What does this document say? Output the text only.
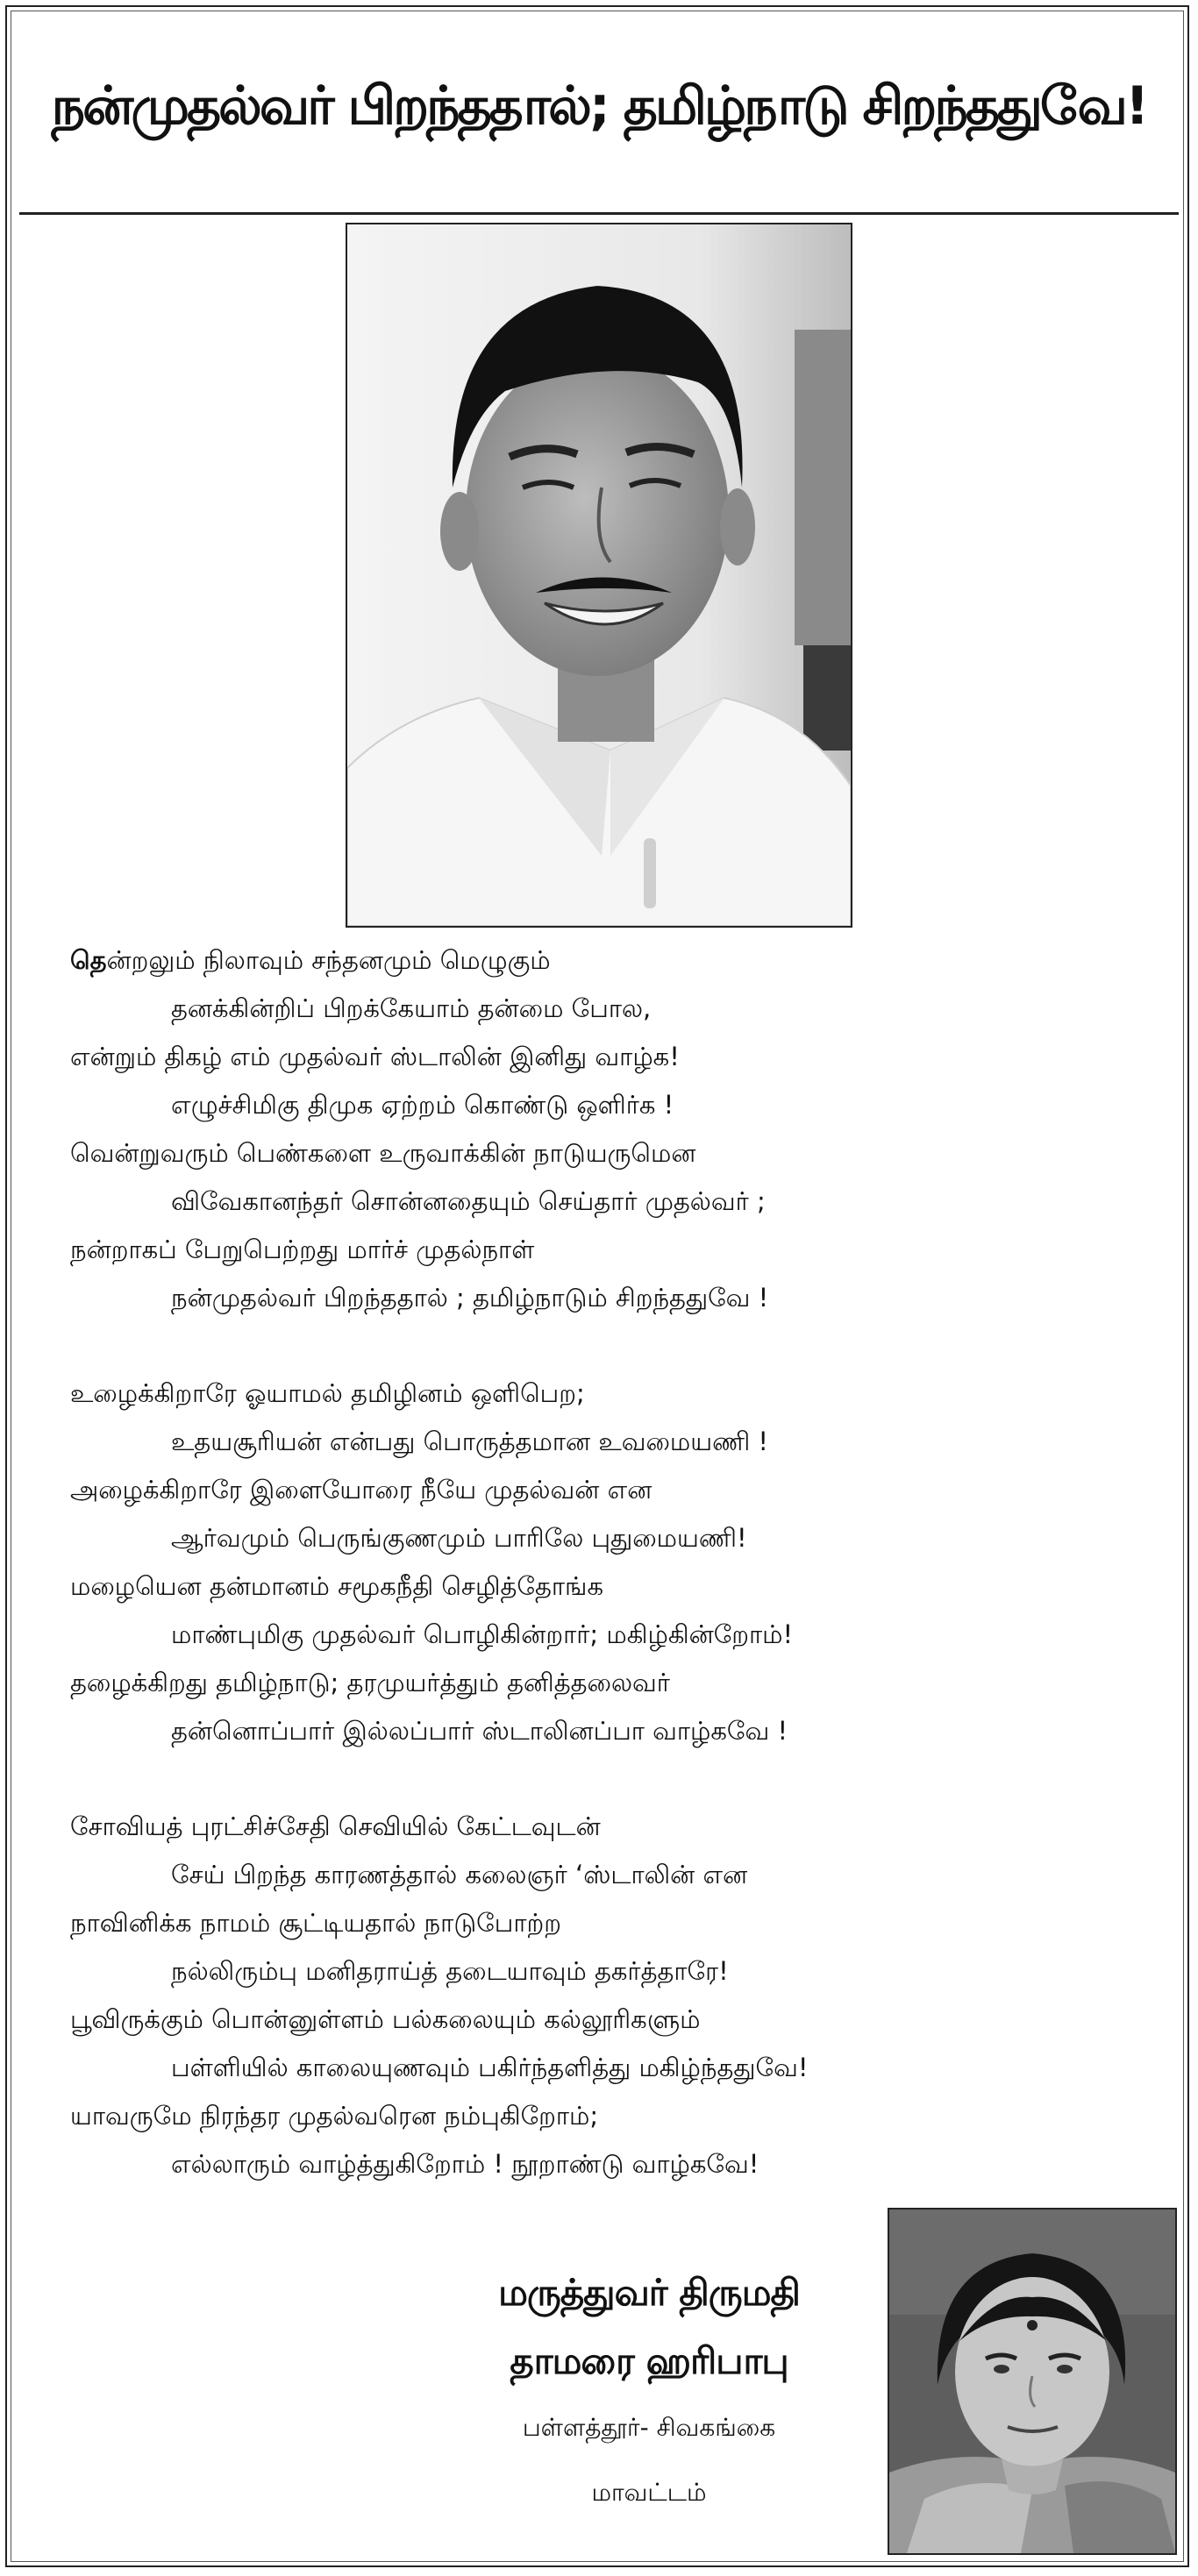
நன்முதல்வர் பிறந்ததால்; தமிழ்நாடு சிறந்ததுவே!
தென்றலும் நிலாவும் சந்தனமும் மெழுகும்
தனக்கின்றிப் பிறக்கேயாம் தன்மை போல,
என்றும் திகழ் எம் முதல்வர் ஸ்டாலின் இனிது வாழ்க!
எழுச்சிமிகு திமுக ஏற்றம் கொண்டு ஒளிர்க !
வென்றுவரும் பெண்களை உருவாக்கின் நாடுயருமென
விவேகானந்தர் சொன்னதையும் செய்தார் முதல்வர் ;
நன்றாகப் பேறுபெற்றது மார்ச் முதல்நாள்
நன்முதல்வர் பிறந்ததால் ; தமிழ்நாடும் சிறந்ததுவே !
உழைக்கிறாரே ஓயாமல் தமிழினம் ஒளிபெற;
உதயசூரியன் என்பது பொருத்தமான உவமையணி !
அழைக்கிறாரே இளையோரை நீயே முதல்வன் என
ஆர்வமும் பெருங்குணமும் பாரிலே புதுமையணி!
மழையென தன்மானம் சமூகநீதி செழித்தோங்க
மாண்புமிகு முதல்வர் பொழிகின்றார்; மகிழ்கின்றோம்!
தழைக்கிறது தமிழ்நாடு; தரமுயர்த்தும் தனித்தலைவர்
தன்னொப்பார் இல்லப்பார் ஸ்டாலினப்பா வாழ்கவே !
சோவியத் புரட்சிச்சேதி செவியில் கேட்டவுடன்
சேய் பிறந்த காரணத்தால் கலைஞர் ‘ஸ்டாலின் என
நாவினிக்க நாமம் சூட்டியதால் நாடுபோற்ற
நல்லிரும்பு மனிதராய்த் தடையாவும் தகர்த்தாரே!
பூவிருக்கும் பொன்னுள்ளம் பல்கலையும் கல்லூரிகளும்
பள்ளியில் காலையுணவும் பகிர்ந்தளித்து மகிழ்ந்ததுவே!
யாவருமே நிரந்தர முதல்வரென நம்புகிறோம்;
எல்லாரும் வாழ்த்துகிறோம் ! நூறாண்டு வாழ்கவே!
மருத்துவர் திருமதி
தாமரை ஹரிபாபு
பள்ளத்தூர்- சிவகங்கை
மாவட்டம்
